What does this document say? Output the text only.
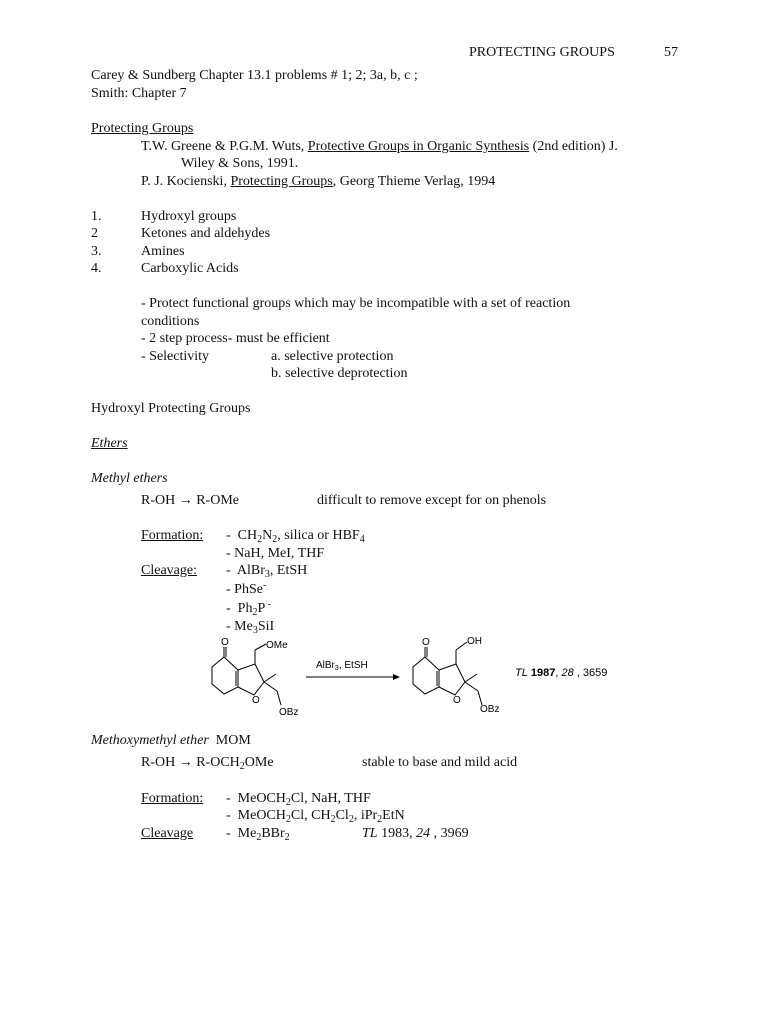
PROTECTING GROUPS	57
Carey & Sundberg Chapter 13.1 problems # 1; 2; 3a, b, c ;
Smith: Chapter 7
Protecting Groups
T.W. Greene & P.G.M. Wuts, Protective Groups in Organic Synthesis (2nd edition) J.
Wiley & Sons, 1991.
P. J. Kocienski, Protecting Groups, Georg Thieme Verlag, 1994
1.	Hydroxyl groups
2	Ketones and aldehydes
3.	Amines
4.	Carboxylic Acids
- Protect functional groups which may be incompatible with a set of reaction
conditions
- 2 step process- must be efficient
- Selectivity	a. selective protection
b. selective deprotection
Hydroxyl Protecting Groups
Ethers
Methyl ethers
R-OH → R-OMe	difficult to remove except for on phenols
Formation: -  $CH_2N_2$, silica or $HBF_4$
- NaH, MeI, THF
Cleavage: -  AlBr$_3$, EtSH
- PhSe-
-  $Ph_2P$ -
- $Me_3SiI$
O	OMe
O
OBz
AlBr$_3$, EtSH
O	OH
O
OBz
TL 1987, 28 , 3659
Methoxymethyl ether MOM
$R-OH \to R-OCH_2OMe$	stable to base and mild acid
Formation: -  MeOCH$_2$Cl, NaH, THF
-  MeOCH$_2$Cl, $CH_2Cl_2$, iPr$_2$EtN
Cleavage -  $Me_2BBr_2$	TL 1983, 24 , 3969
